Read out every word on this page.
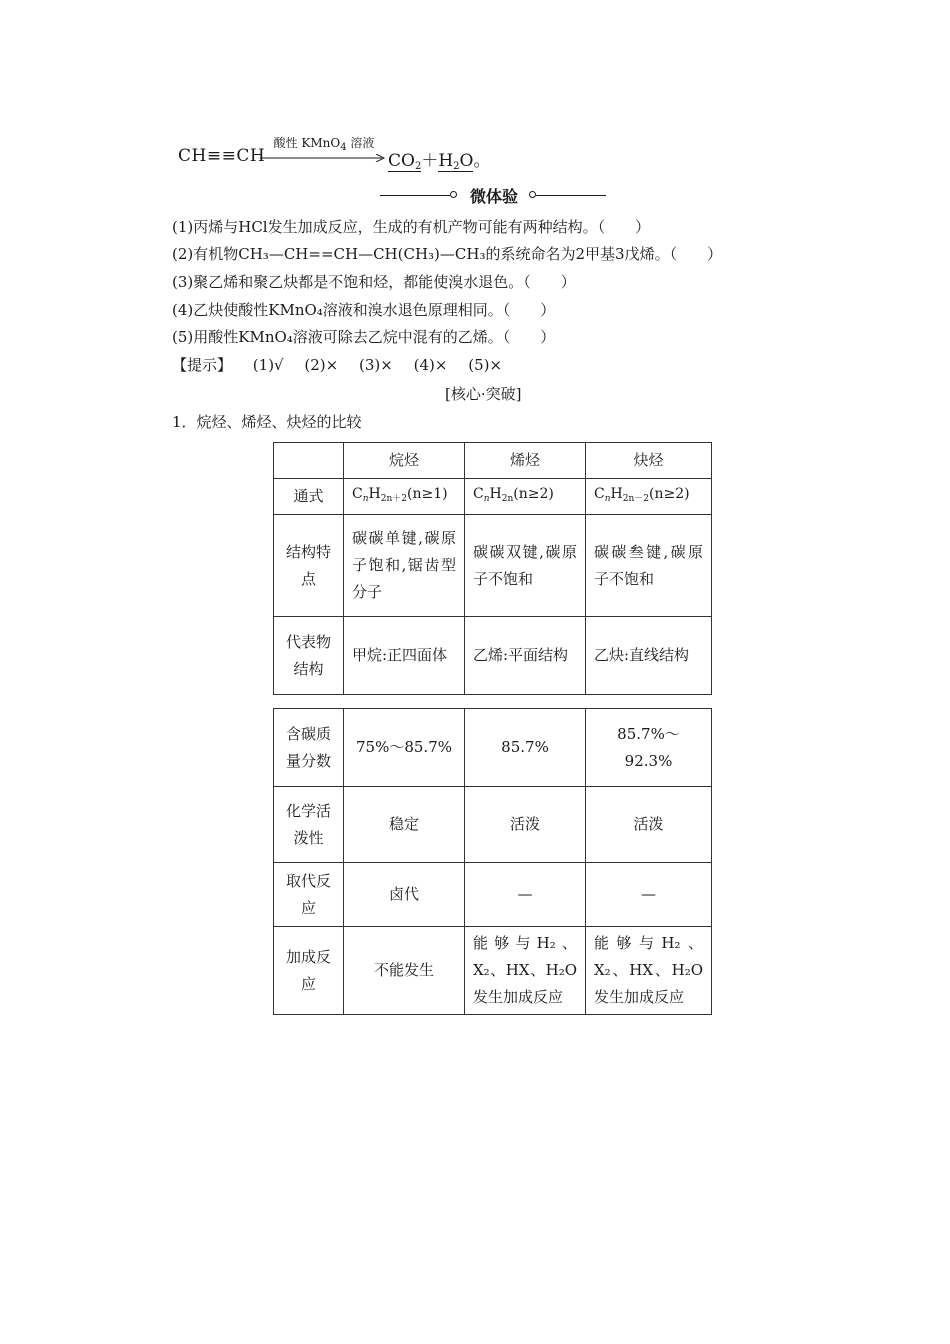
CH≡≡CH
酸性 KMnO$_4$ 溶液
$CO_2+H_2O$。
微体验
(1)丙烯与HCl发生加成反应，生成的有机产物可能有两种结构。（　　）
(2)有机物CH₃—CH==CH—CH(CH₃)—CH₃的系统命名为2甲基3戊烯。（　　）
(3)聚乙烯和聚乙炔都是不饱和烃，都能使溴水退色。（　　）
(4)乙炔使酸性KMnO₄溶液和溴水退色原理相同。（　　）
(5)用酸性KMnO₄溶液可除去乙烷中混有的乙烯。（　　）
【提示】 (1)√ (2)× (3)× (4)× (5)×
[核心·突破]
1．烷烃、烯烃、炔烃的比较
	烷烃	烯烃	炔烃
通式	$C_nH_{2n+2}(n\ge 1)$	$C_nH_{2n}(n\ge 2)$	$C_nH_{2n-2}(n\ge 2)$
结构特点	碳碳单键,碳原子饱和,锯齿型分子	碳碳双键,碳原子不饱和	碳碳叁键,碳原子不饱和
代表物结构	甲烷:正四面体	乙烯:平面结构	乙炔:直线结构
含碳质量分数	75%～85.7%	85.7%	85.7%～92.3%
化学活泼性	稳定	活泼	活泼
取代反应	卤代	—	—
加成反应	不能发生	能够与H₂、X₂、HX、H₂O发生加成反应	能够与H₂、X₂、HX、H₂O发生加成反应
